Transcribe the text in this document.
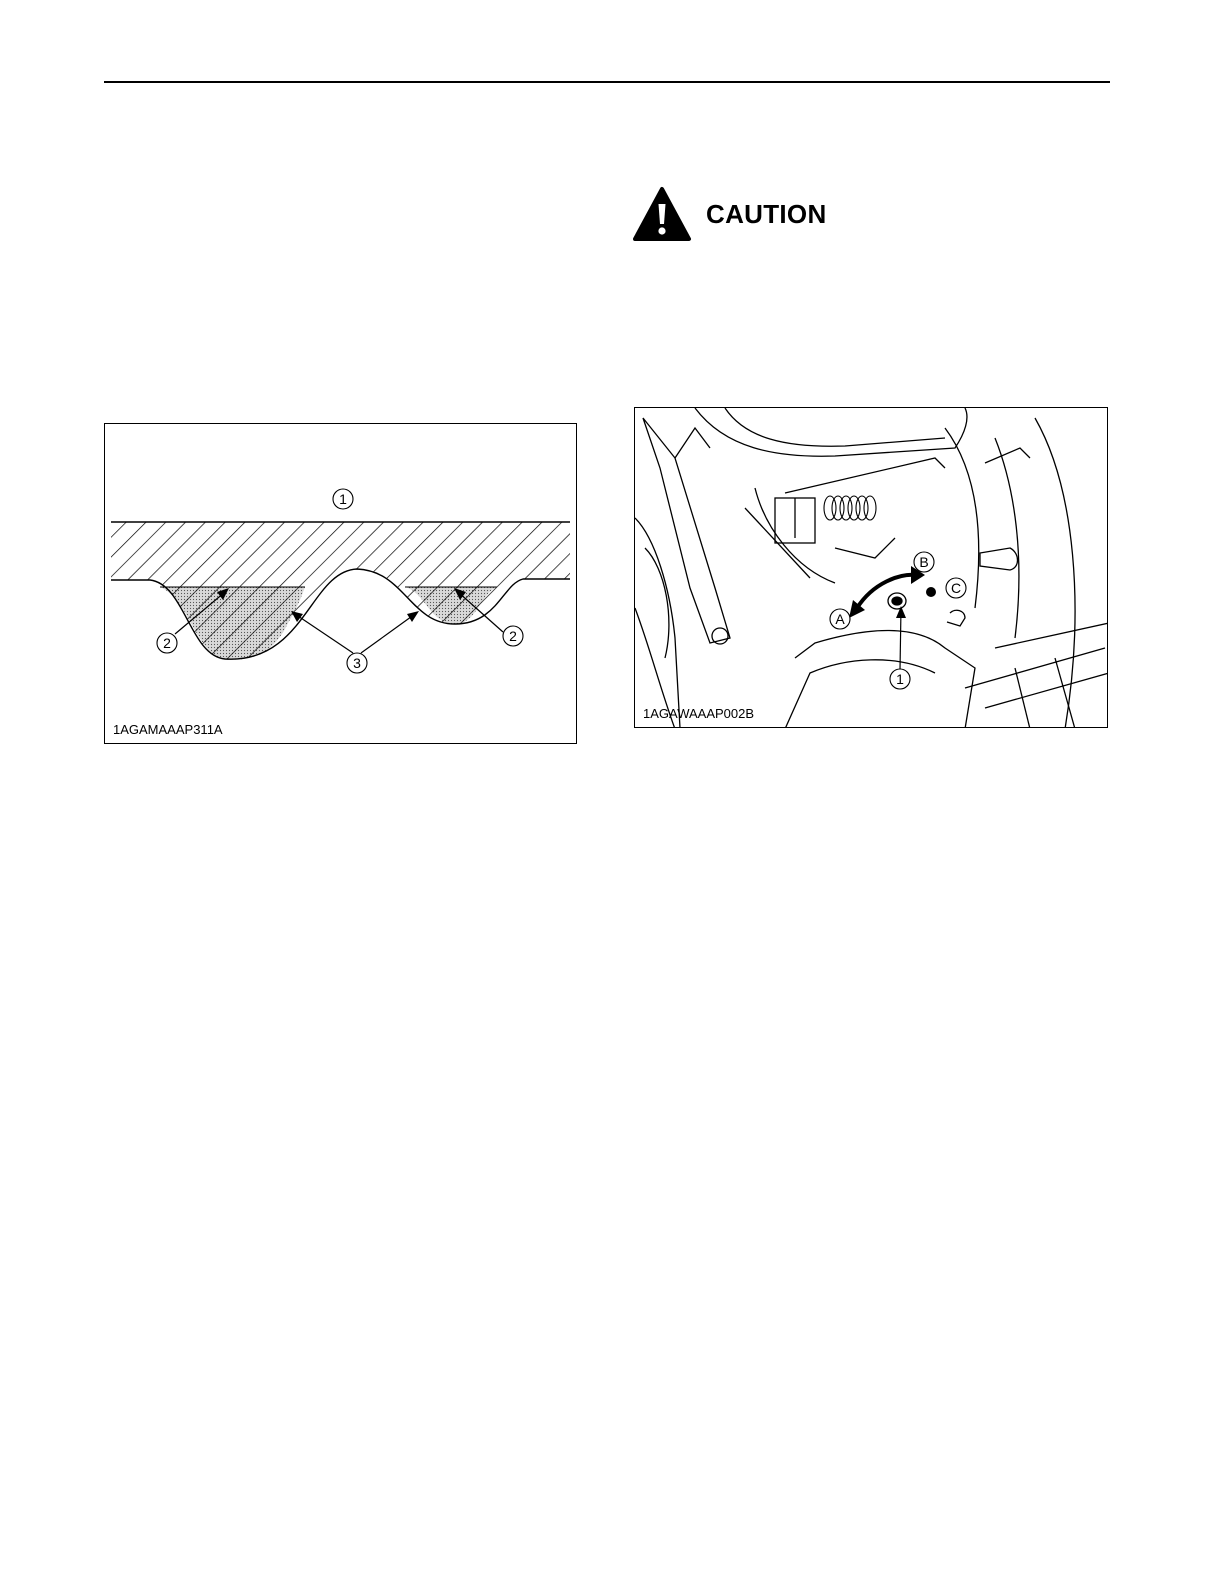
1
2	2
3
1AGAMAAAP311A
CAUTION
A
B
C
1
1AGAWAAAP002B
